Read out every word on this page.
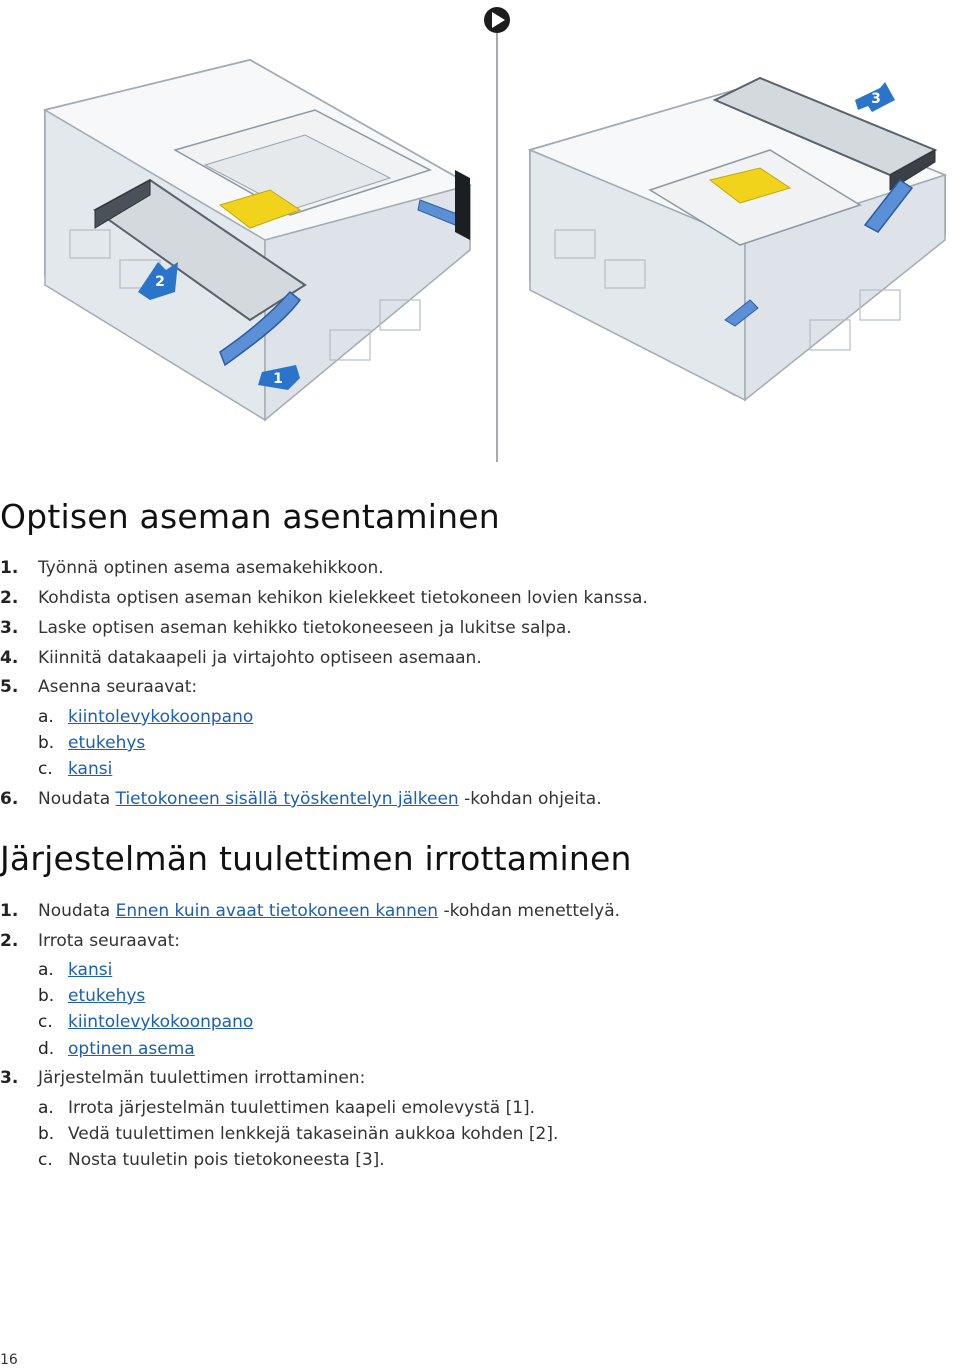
2
1
3
Optisen aseman asentaminen
1.	Työnnä optinen asema asemakehikkoon.
2.	Kohdista optisen aseman kehikon kielekkeet tietokoneen lovien kanssa.
3.	Laske optisen aseman kehikko tietokoneeseen ja lukitse salpa.
4.	Kiinnitä datakaapeli ja virtajohto optiseen asemaan.
5.	Asenna seuraavat:
a. kiintolevykokoonpano
b. etukehys
c. kansi
6.	Noudata Tietokoneen sisällä työskentelyn jälkeen -kohdan ohjeita.
Järjestelmän tuulettimen irrottaminen
1.	Noudata Ennen kuin avaat tietokoneen kannen -kohdan menettelyä.
2.	Irrota seuraavat:
a. kansi
b. etukehys
c. kiintolevykokoonpano
d. optinen asema
3.	Järjestelmän tuulettimen irrottaminen:
a. Irrota järjestelmän tuulettimen kaapeli emolevystä [1].
b. Vedä tuulettimen lenkkejä takaseinän aukkoa kohden [2].
c. Nosta tuuletin pois tietokoneesta [3].
16
